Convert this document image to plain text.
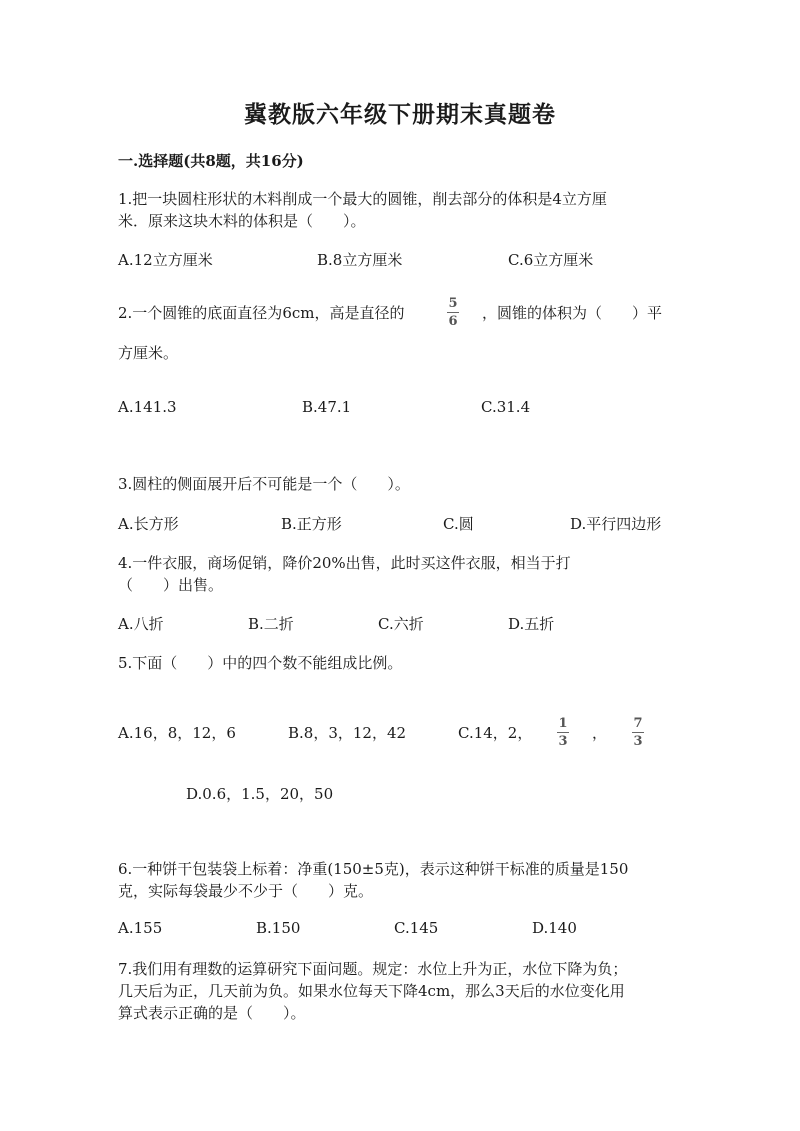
冀教版六年级下册期末真题卷
一.选择题(共8题，共16分)
1.把一块圆柱形状的木料削成一个最大的圆锥，削去部分的体积是4立方厘
米．原来这块木料的体积是（　　）。
A.12立方厘米	B.8立方厘米	C.6立方厘米
2.一个圆锥的底面直径为6cm，高是直径的
5
6 ，圆锥的体积为（　　）平
方厘米。
A.141.3	B.47.1	C.31.4
3.圆柱的侧面展开后不可能是一个（　　）。
A.长方形	B.正方形	C.圆	D.平行四边形
4.一件衣服，商场促销，降价20%出售，此时买这件衣服，相当于打
（　　）出售。
A.八折	B.二折	C.六折	D.五折
5.下面（　　）中的四个数不能组成比例。
A.16，8，12，6	B.8，3，12，42	C.14，2，
1
3 ，
7
3
D.0.6，1.5，20，50
6.一种饼干包装袋上标着：净重(150±5克)，表示这种饼干标准的质量是150
克，实际每袋最少不少于（　　）克。
A.155	B.150	C.145	D.140
7.我们用有理数的运算研究下面问题。规定：水位上升为正，水位下降为负；
几天后为正，几天前为负。如果水位每天下降4cm，那么3天后的水位变化用
算式表示正确的是（　　）。
